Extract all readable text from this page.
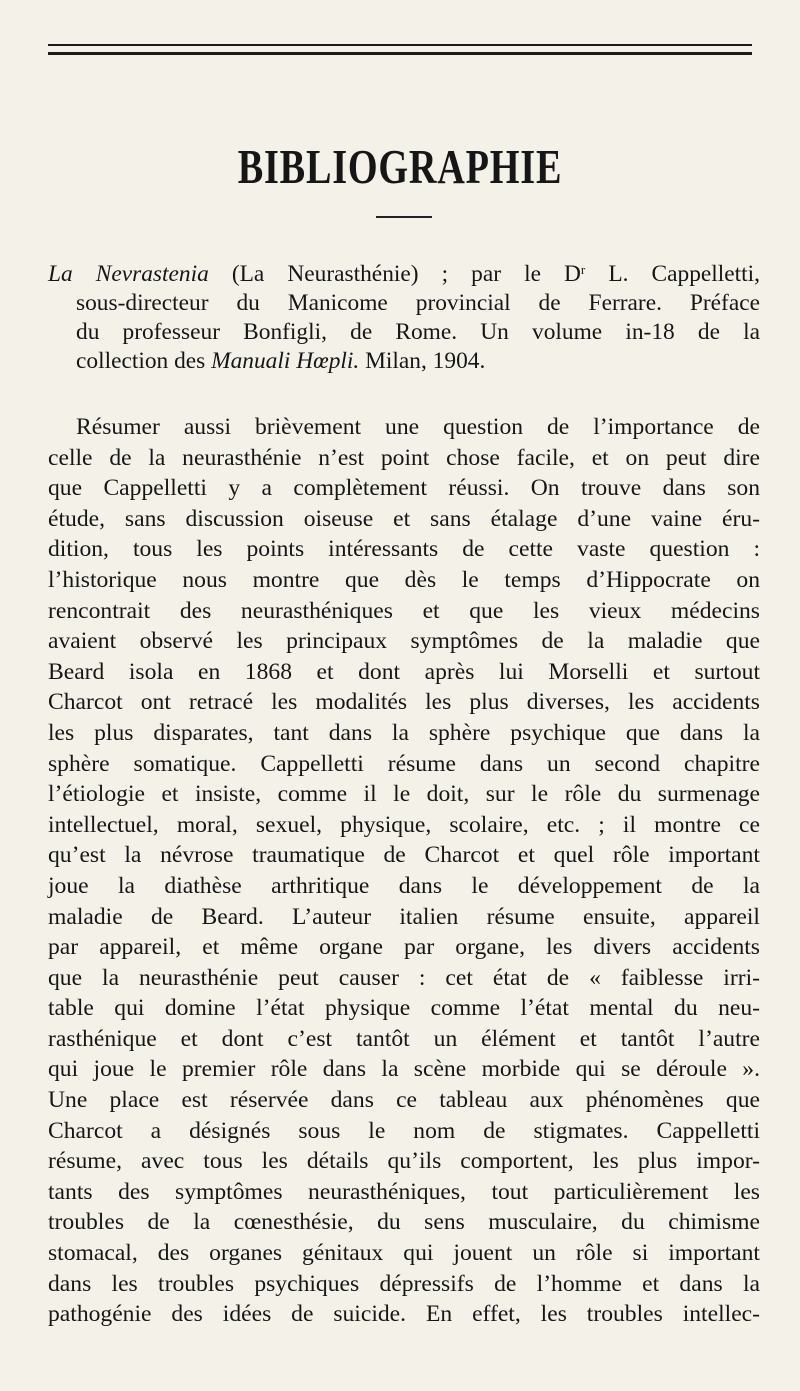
BIBLIOGRAPHIE
La Nevrastenia (La Neurasthénie) ; par le $D^r$ L. Cappelletti,
sous-directeur du Manicome provincial de Ferrare. Préface
du professeur Bonfigli, de Rome. Un volume in-18 de la
collection des Manuali Hœpli. Milan, 1904.
Résumer aussi brièvement une question de l’importance de
celle de la neurasthénie n’est point chose facile, et on peut dire
que Cappelletti y a complètement réussi. On trouve dans son
étude, sans discussion oiseuse et sans étalage d’une vaine éru-
dition, tous les points intéressants de cette vaste question :
l’historique nous montre que dès le temps d’Hippocrate on
rencontrait des neurasthéniques et que les vieux médecins
avaient observé les principaux symptômes de la maladie que
Beard isola en 1868 et dont après lui Morselli et surtout
Charcot ont retracé les modalités les plus diverses, les accidents
les plus disparates, tant dans la sphère psychique que dans la
sphère somatique. Cappelletti résume dans un second chapitre
l’étiologie et insiste, comme il le doit, sur le rôle du surmenage
intellectuel, moral, sexuel, physique, scolaire, etc. ; il montre ce
qu’est la névrose traumatique de Charcot et quel rôle important
joue la diathèse arthritique dans le développement de la
maladie de Beard. L’auteur italien résume ensuite, appareil
par appareil, et même organe par organe, les divers accidents
que la neurasthénie peut causer : cet état de « faiblesse irri-
table qui domine l’état physique comme l’état mental du neu-
rasthénique et dont c’est tantôt un élément et tantôt l’autre
qui joue le premier rôle dans la scène morbide qui se déroule ».
Une place est réservée dans ce tableau aux phénomènes que
Charcot a désignés sous le nom de stigmates. Cappelletti
résume, avec tous les détails qu’ils comportent, les plus impor-
tants des symptômes neurasthéniques, tout particulièrement les
troubles de la cœnesthésie, du sens musculaire, du chimisme
stomacal, des organes génitaux qui jouent un rôle si important
dans les troubles psychiques dépressifs de l’homme et dans la
pathogénie des idées de suicide. En effet, les troubles intellec-
